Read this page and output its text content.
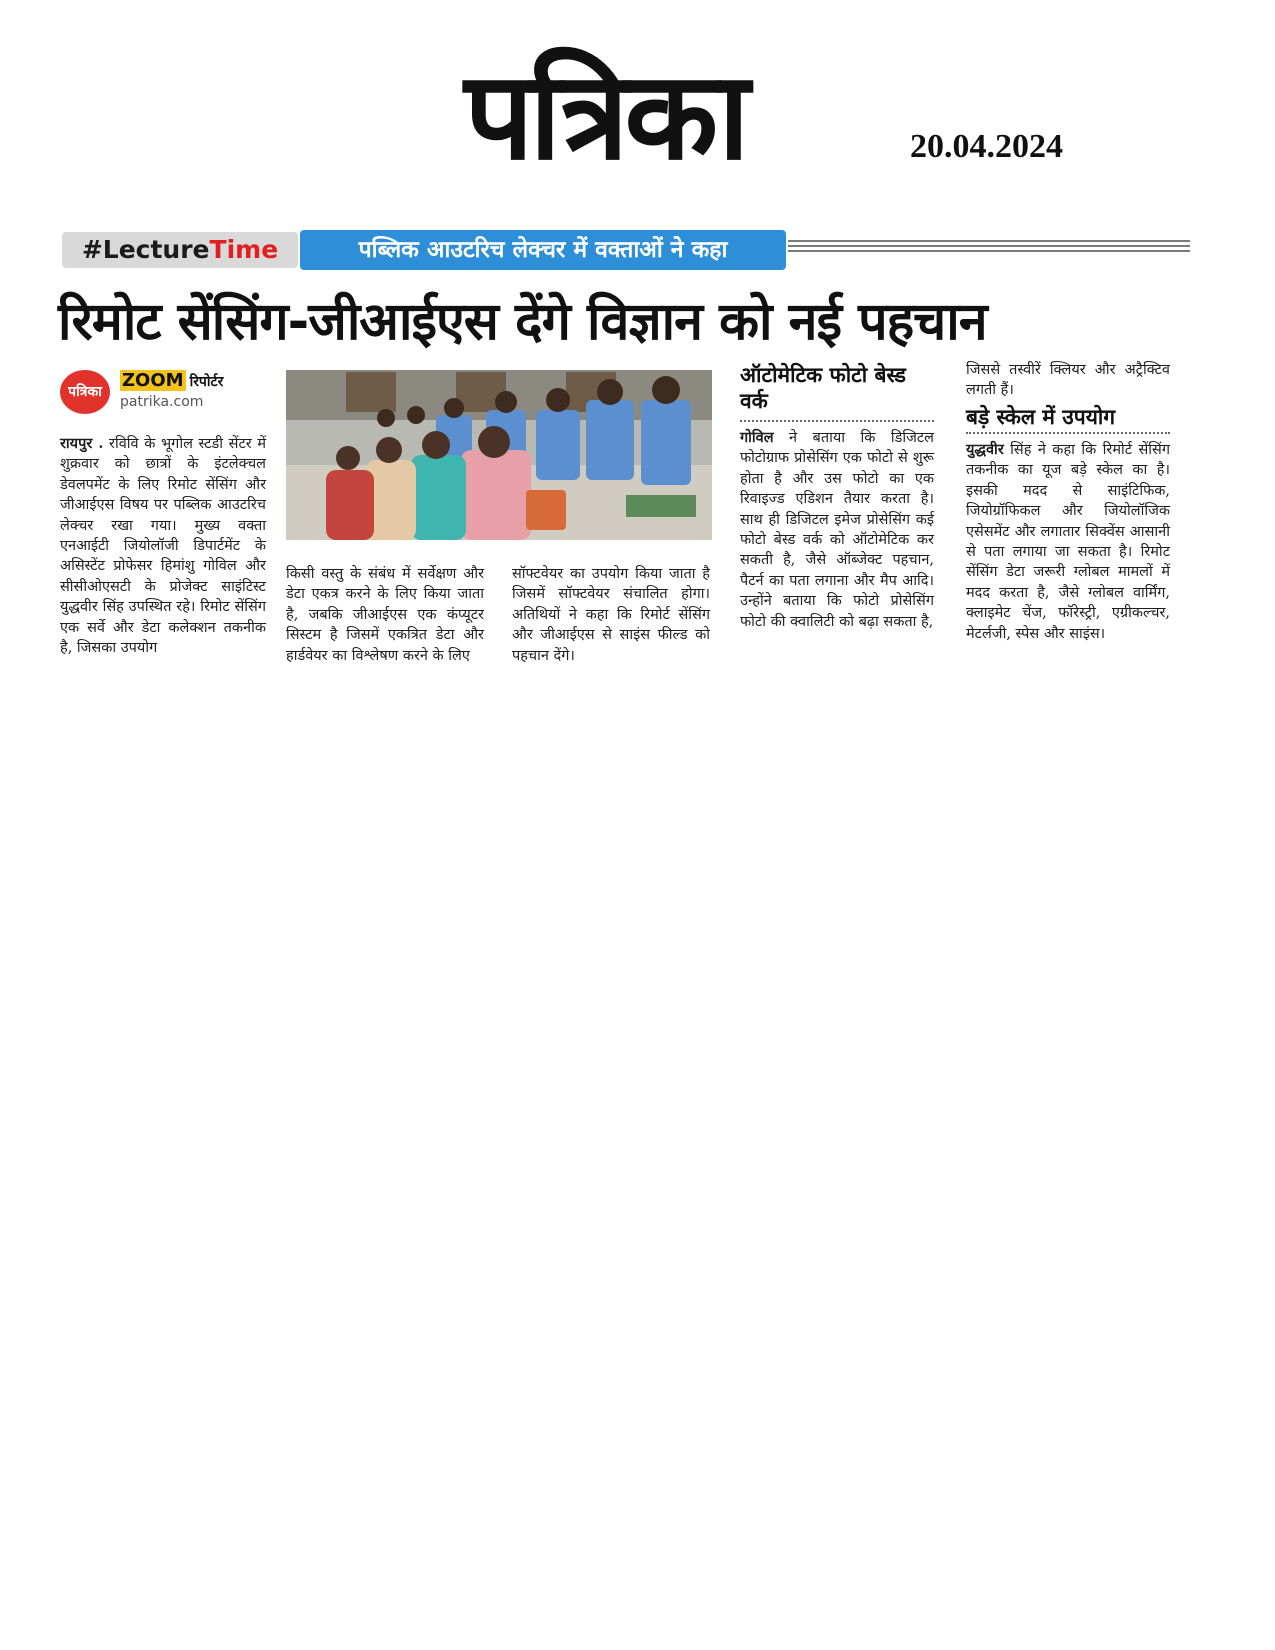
पत्रिका	20.04.2024
#LectureTime	पब्लिक आउटरिच लेक्चर में वक्ताओं ने कहा
रिमोट सेंसिंग-जीआईएस देंगे विज्ञान को नई पहचान
पत्रिका
ZOOM रिपोर्टर
patrika.com

रायपुर . रविवि के भूगोल स्टडी सेंटर में शुक्रवार को छात्रों के इंटलेक्चल डेवलपमेंट के लिए रिमोट सेंसिंग और जीआईएस विषय पर पब्लिक आउटरिच लेक्चर रखा गया। मुख्य वक्ता एनआईटी जियोलॉजी डिपार्टमेंट के असिस्टेंट प्रोफेसर हिमांशु गोविल और सीसीओएसटी के प्रोजेक्ट साइंटिस्ट युद्धवीर सिंह उपस्थित रहे। रिमोट सेंसिंग एक सर्वे और डेटा कलेक्शन तकनीक है, जिसका उपयोग

किसी वस्तु के संबंध में सर्वेक्षण और डेटा एकत्र करने के लिए किया जाता है, जबकि जीआईएस एक कंप्यूटर सिस्टम है जिसमें एकत्रित डेटा और हार्डवेयर का विश्लेषण करने के लिए

सॉफ्टवेयर का उपयोग किया जाता है जिसमें सॉफ्टवेयर संचालित होगा। अतिथियों ने कहा कि रिमोर्ट सेंसिंग और जीआईएस से साइंस फील्ड को पहचान देंगे।

ऑटोमेटिक फोटो बेस्ड वर्क

गोविल ने बताया कि डिजिटल फोटोग्राफ प्रोसेसिंग एक फोटो से शुरू होता है और उस फोटो का एक रिवाइज्ड एडिशन तैयार करता है। साथ ही डिजिटल इमेज प्रोसेसिंग कई फोटो बेस्ड वर्क को ऑटोमेटिक कर सकती है, जैसे ऑब्जेक्ट पहचान, पैटर्न का पता लगाना और मैप आदि। उन्होंने बताया कि फोटो प्रोसेसिंग फोटो की क्वालिटी को बढ़ा सकता है,

जिससे तस्वीरें क्लियर और अट्रैक्टिव लगती हैं।

बड़े स्केल में उपयोग

युद्धवीर सिंह ने कहा कि रिमोर्ट सेंसिंग तकनीक का यूज बड़े स्केल का है। इसकी मदद से साइंटिफिक, जियोग्रॉफिकल और जियोलॉजिक एसेसमेंट और लगातार सिक्वेंस आसानी से पता लगाया जा सकता है। रिमोट सेंसिंग डेटा जरूरी ग्लोबल मामलों में मदद करता है, जैसे ग्लोबल वार्मिंग, क्लाइमेट चेंज, फॉरेस्ट्री, एग्रीकल्चर, मेटर्लजी, स्पेस और साइंस।
